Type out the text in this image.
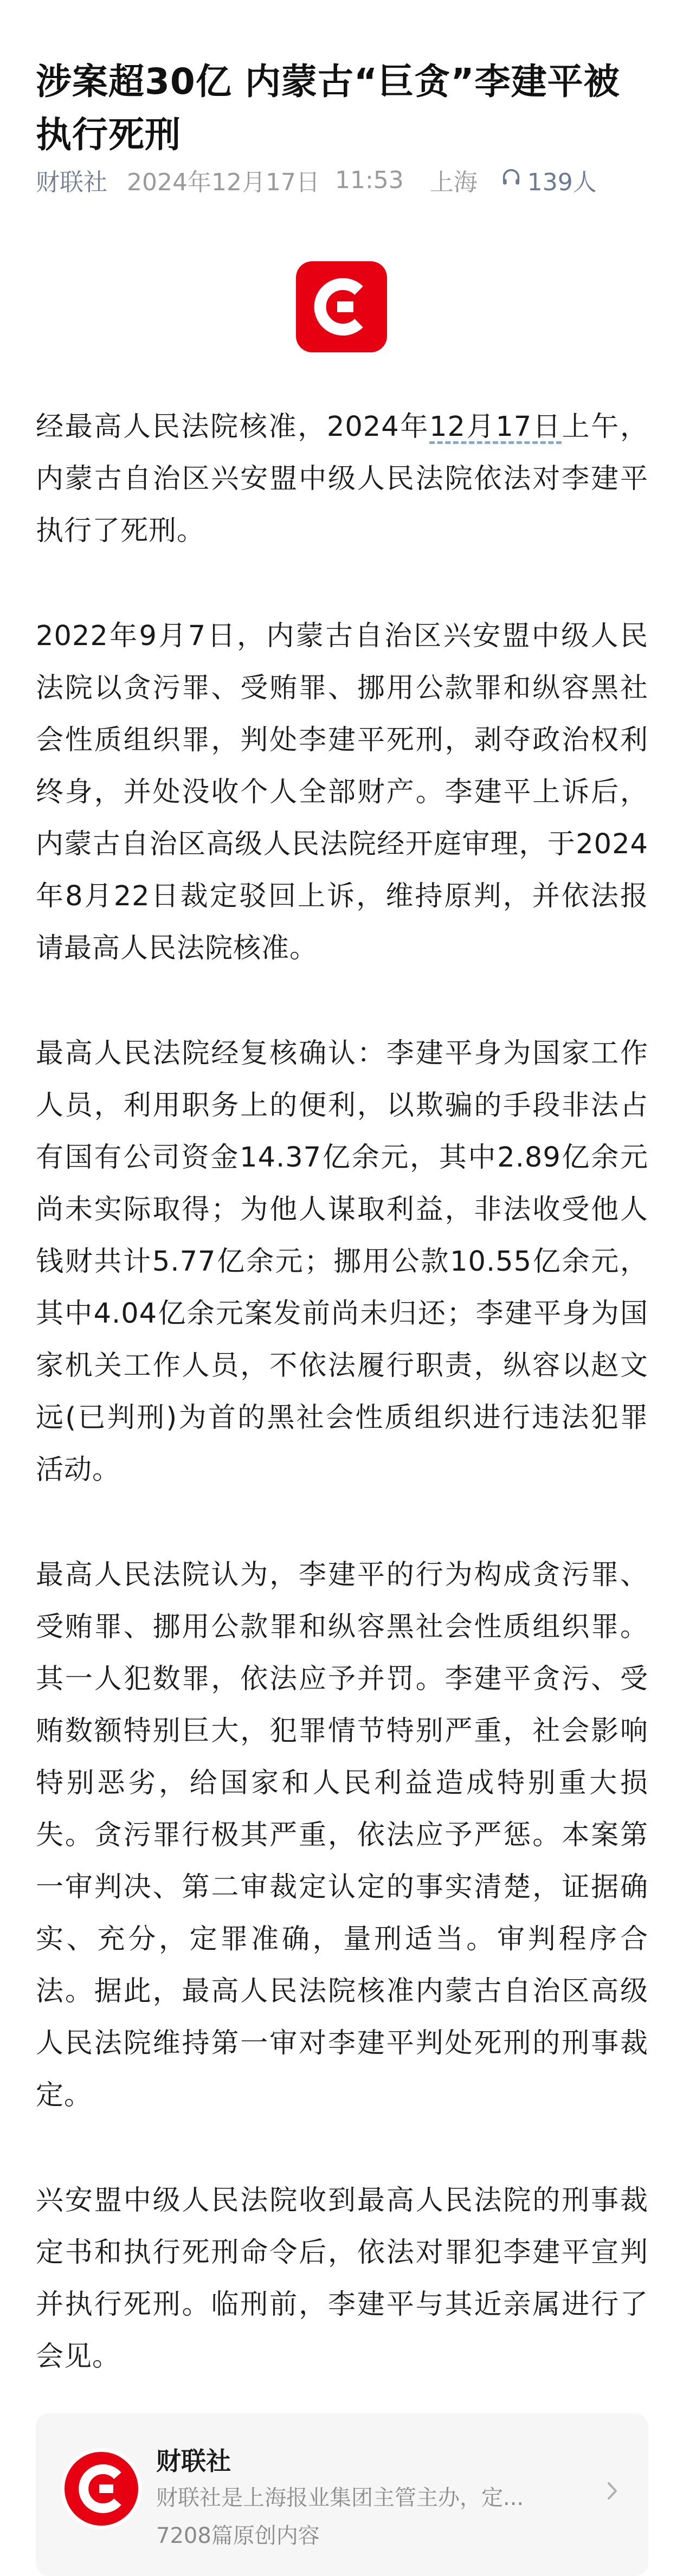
涉案超30亿 内蒙古“巨贪”李建平被执行死刑
财联社 2024年12月17日 11:53 上海 139人

经最高人民法院核准，2024年12月17日上午，内蒙古自治区兴安盟中级人民法院依法对李建平执行了死刑。

2022年9月7日，内蒙古自治区兴安盟中级人民法院以贪污罪、受贿罪、挪用公款罪和纵容黑社会性质组织罪，判处李建平死刑，剥夺政治权利终身，并处没收个人全部财产。李建平上诉后，内蒙古自治区高级人民法院经开庭审理，于2024年8月22日裁定驳回上诉，维持原判，并依法报请最高人民法院核准。

最高人民法院经复核确认：李建平身为国家工作人员，利用职务上的便利，以欺骗的手段非法占有国有公司资金14.37亿余元，其中2.89亿余元尚未实际取得；为他人谋取利益，非法收受他人钱财共计5.77亿余元；挪用公款10.55亿余元，其中4.04亿余元案发前尚未归还；李建平身为国家机关工作人员，不依法履行职责，纵容以赵文远(已判刑)为首的黑社会性质组织进行违法犯罪活动。

最高人民法院认为，李建平的行为构成贪污罪、受贿罪、挪用公款罪和纵容黑社会性质组织罪。其一人犯数罪，依法应予并罚。李建平贪污、受贿数额特别巨大，犯罪情节特别严重，社会影响特别恶劣，给国家和人民利益造成特别重大损失。贪污罪行极其严重，依法应予严惩。本案第一审判决、第二审裁定认定的事实清楚，证据确实、充分，定罪准确，量刑适当。审判程序合法。据此，最高人民法院核准内蒙古自治区高级人民法院维持第一审对李建平判处死刑的刑事裁定。

兴安盟中级人民法院收到最高人民法院的刑事裁定书和执行死刑命令后，依法对罪犯李建平宣判并执行死刑。临刑前，李建平与其近亲属进行了会见。

财联社
财联社是上海报业集团主管主办，定...
7208篇原创内容
